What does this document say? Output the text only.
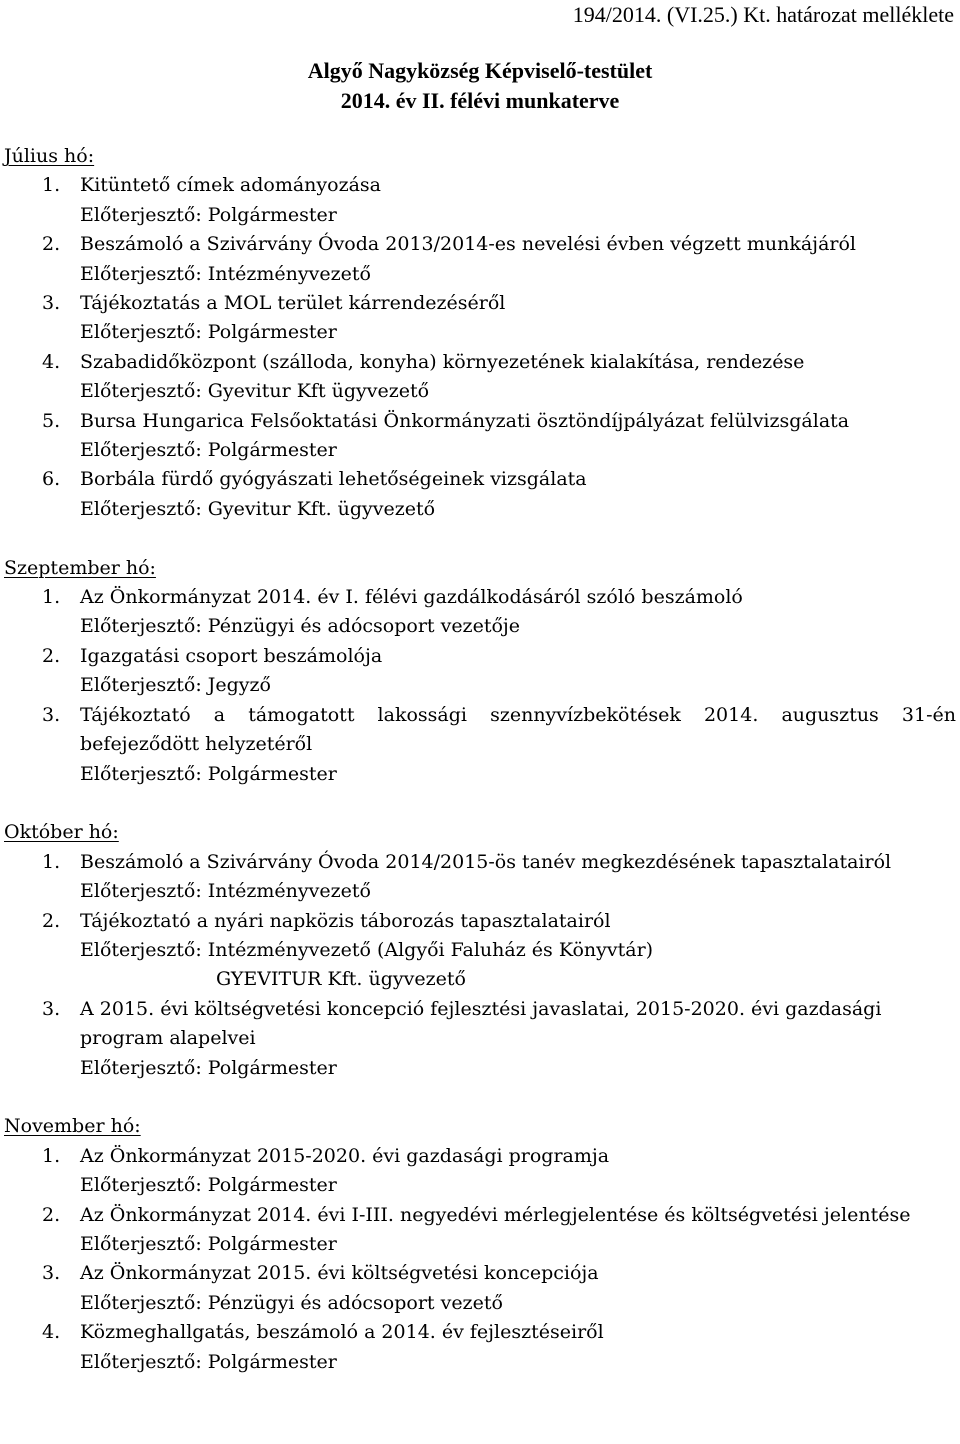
194/2014. (VI.25.) Kt. határozat melléklete
Algyő Nagyközség Képviselő-testület
2014. év II. félévi munkaterve
Július hó:
1.	Kitüntető címek adományozása
Előterjesztő: Polgármester
2.	Beszámoló a Szivárvány Óvoda 2013/2014-es nevelési évben végzett munkájáról
Előterjesztő: Intézményvezető
3.	Tájékoztatás a MOL terület kárrendezéséről
Előterjesztő: Polgármester
4.	Szabadidőközpont (szálloda, konyha) környezetének kialakítása, rendezése
Előterjesztő: Gyevitur Kft ügyvezető
5.	Bursa Hungarica Felsőoktatási Önkormányzati ösztöndíjpályázat felülvizsgálata
Előterjesztő: Polgármester
6.	Borbála fürdő gyógyászati lehetőségeinek vizsgálata
Előterjesztő: Gyevitur Kft. ügyvezető
Szeptember hó:
1.	Az Önkormányzat 2014. év I. félévi gazdálkodásáról szóló beszámoló
Előterjesztő: Pénzügyi és adócsoport vezetője
2.	Igazgatási csoport beszámolója
Előterjesztő: Jegyző
3.	Tájékoztató a támogatott lakossági szennyvízbekötések 2014. augusztus 31-én befejeződött helyzetéről
Előterjesztő: Polgármester
Október hó:
1.	Beszámoló a Szivárvány Óvoda 2014/2015-ös tanév megkezdésének tapasztalatairól
Előterjesztő: Intézményvezető
2.	Tájékoztató a nyári napközis táborozás tapasztalatairól
Előterjesztő: Intézményvezető (Algyői Faluház és Könyvtár)
GYEVITUR Kft. ügyvezető
3.	A 2015. évi költségvetési koncepció fejlesztési javaslatai, 2015-2020. évi gazdasági program alapelvei
Előterjesztő: Polgármester
November hó:
1.	Az Önkormányzat 2015-2020. évi gazdasági programja
Előterjesztő: Polgármester
2.	Az Önkormányzat 2014. évi I-III. negyedévi mérlegjelentése és költségvetési jelentése
Előterjesztő: Polgármester
3.	Az Önkormányzat 2015. évi költségvetési koncepciója
Előterjesztő: Pénzügyi és adócsoport vezető
4.	Közmeghallgatás, beszámoló a 2014. év fejlesztéseiről
Előterjesztő: Polgármester
